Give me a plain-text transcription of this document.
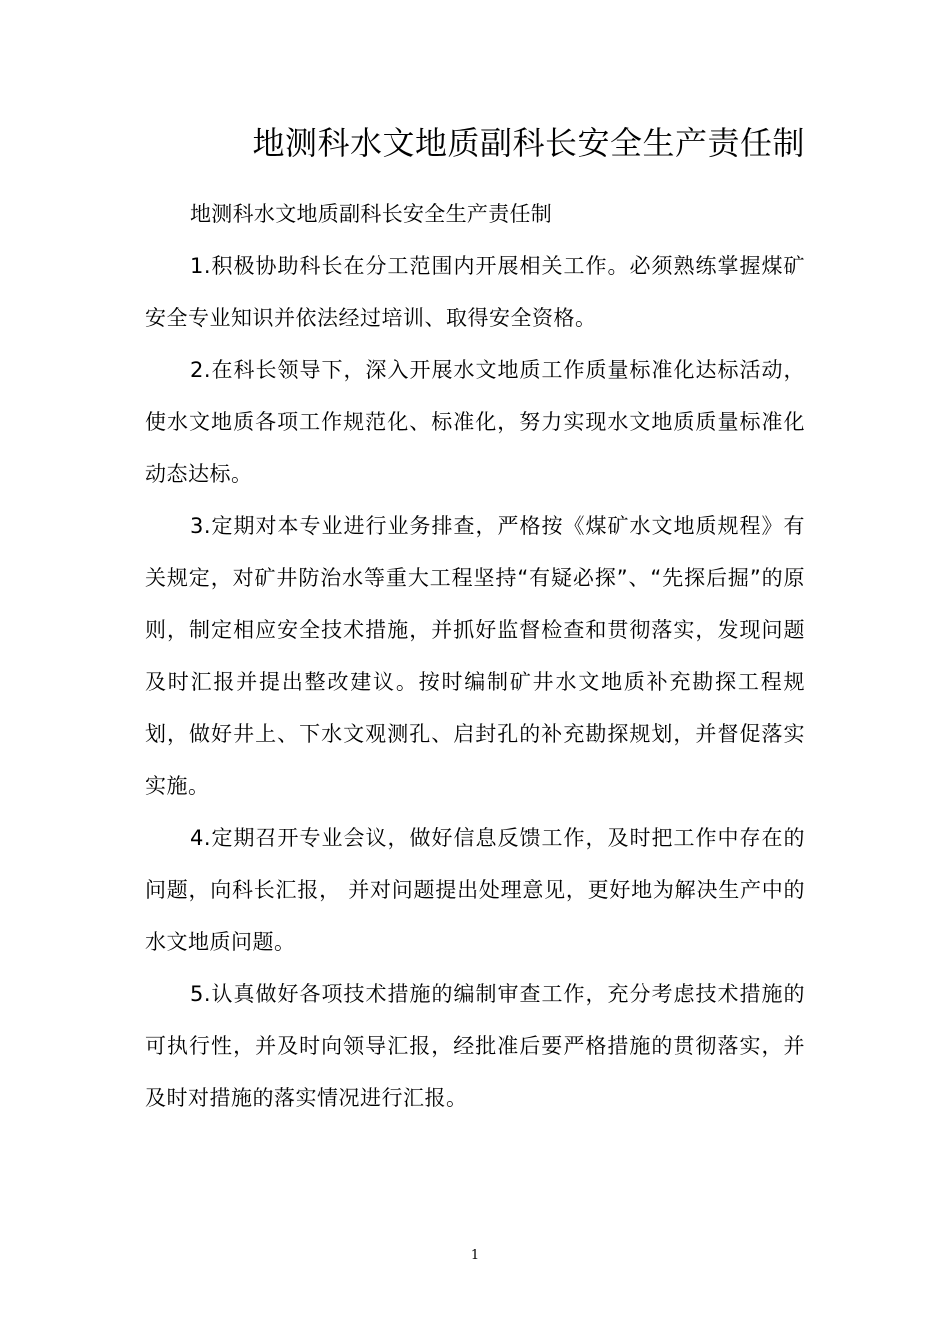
地测科水文地质副科长安全生产责任制

地测科水文地质副科长安全生产责任制

1.积极协助科长在分工范围内开展相关工作。必须熟练掌握煤矿安全专业知识并依法经过培训、取得安全资格。

2.在科长领导下，深入开展水文地质工作质量标准化达标活动，使水文地质各项工作规范化、标准化，努力实现水文地质质量标准化动态达标。

3.定期对本专业进行业务排查，严格按《煤矿水文地质规程》有关规定，对矿井防治水等重大工程坚持“有疑必探”、“先探后掘”的原则，制定相应安全技术措施，并抓好监督检查和贯彻落实，发现问题及时汇报并提出整改建议。按时编制矿井水文地质补充勘探工程规划，做好井上、下水文观测孔、启封孔的补充勘探规划，并督促落实实施。

4.定期召开专业会议，做好信息反馈工作，及时把工作中存在的问题，向科长汇报， 并对问题提出处理意见，更好地为解决生产中的水文地质问题。

5.认真做好各项技术措施的编制审查工作，充分考虑技术措施的可执行性，并及时向领导汇报，经批准后要严格措施的贯彻落实，并及时对措施的落实情况进行汇报。

1
